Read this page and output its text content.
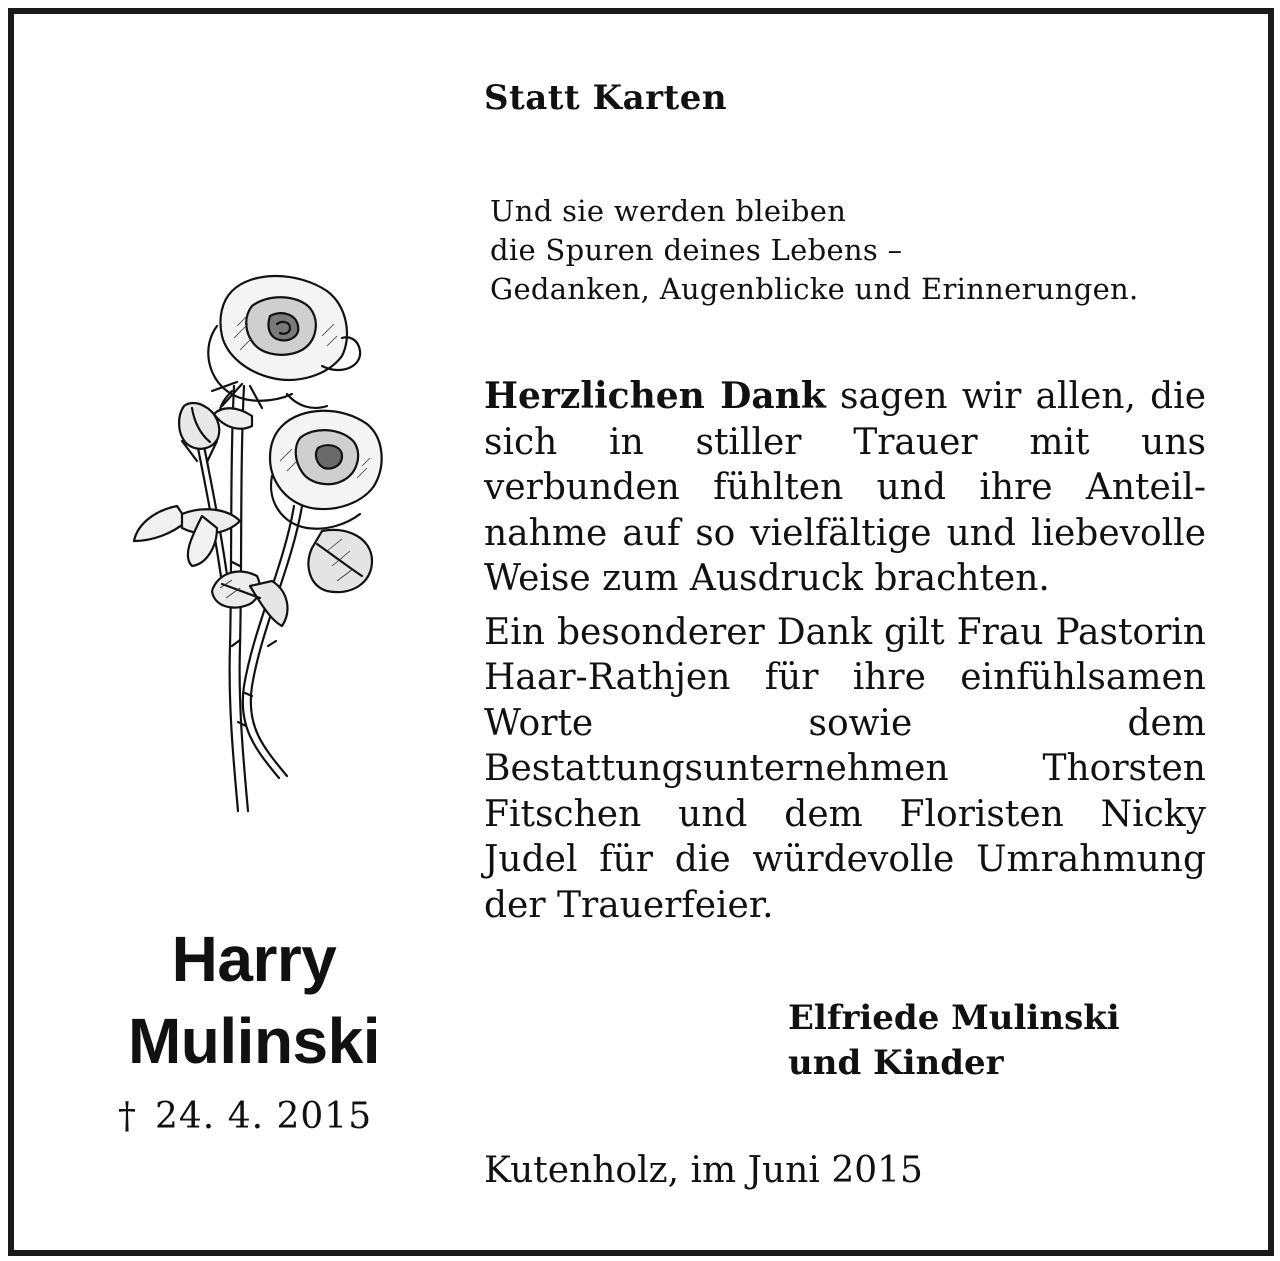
Harry
Mulinski
† 24. 4. 2015
Statt Karten
Und sie werden bleiben
die Spuren deines Lebens –
Gedanken, Augenblicke und Erinnerungen.

Herzlichen Dank sagen wir allen, die sich in stiller Trauer mit uns verbunden fühlten und ihre Anteilnahme auf so vielfältige und liebevolle Weise zum Ausdruck brachten.

Ein besonderer Dank gilt Frau Pastorin Haar-Rathjen für ihre einfühlsamen Worte sowie dem Bestattungsunternehmen Thorsten Fitschen und dem Floristen Nicky Judel für die würdevolle Umrahmung der Trauerfeier.

Elfriede Mulinski
und Kinder
Kutenholz, im Juni 2015
